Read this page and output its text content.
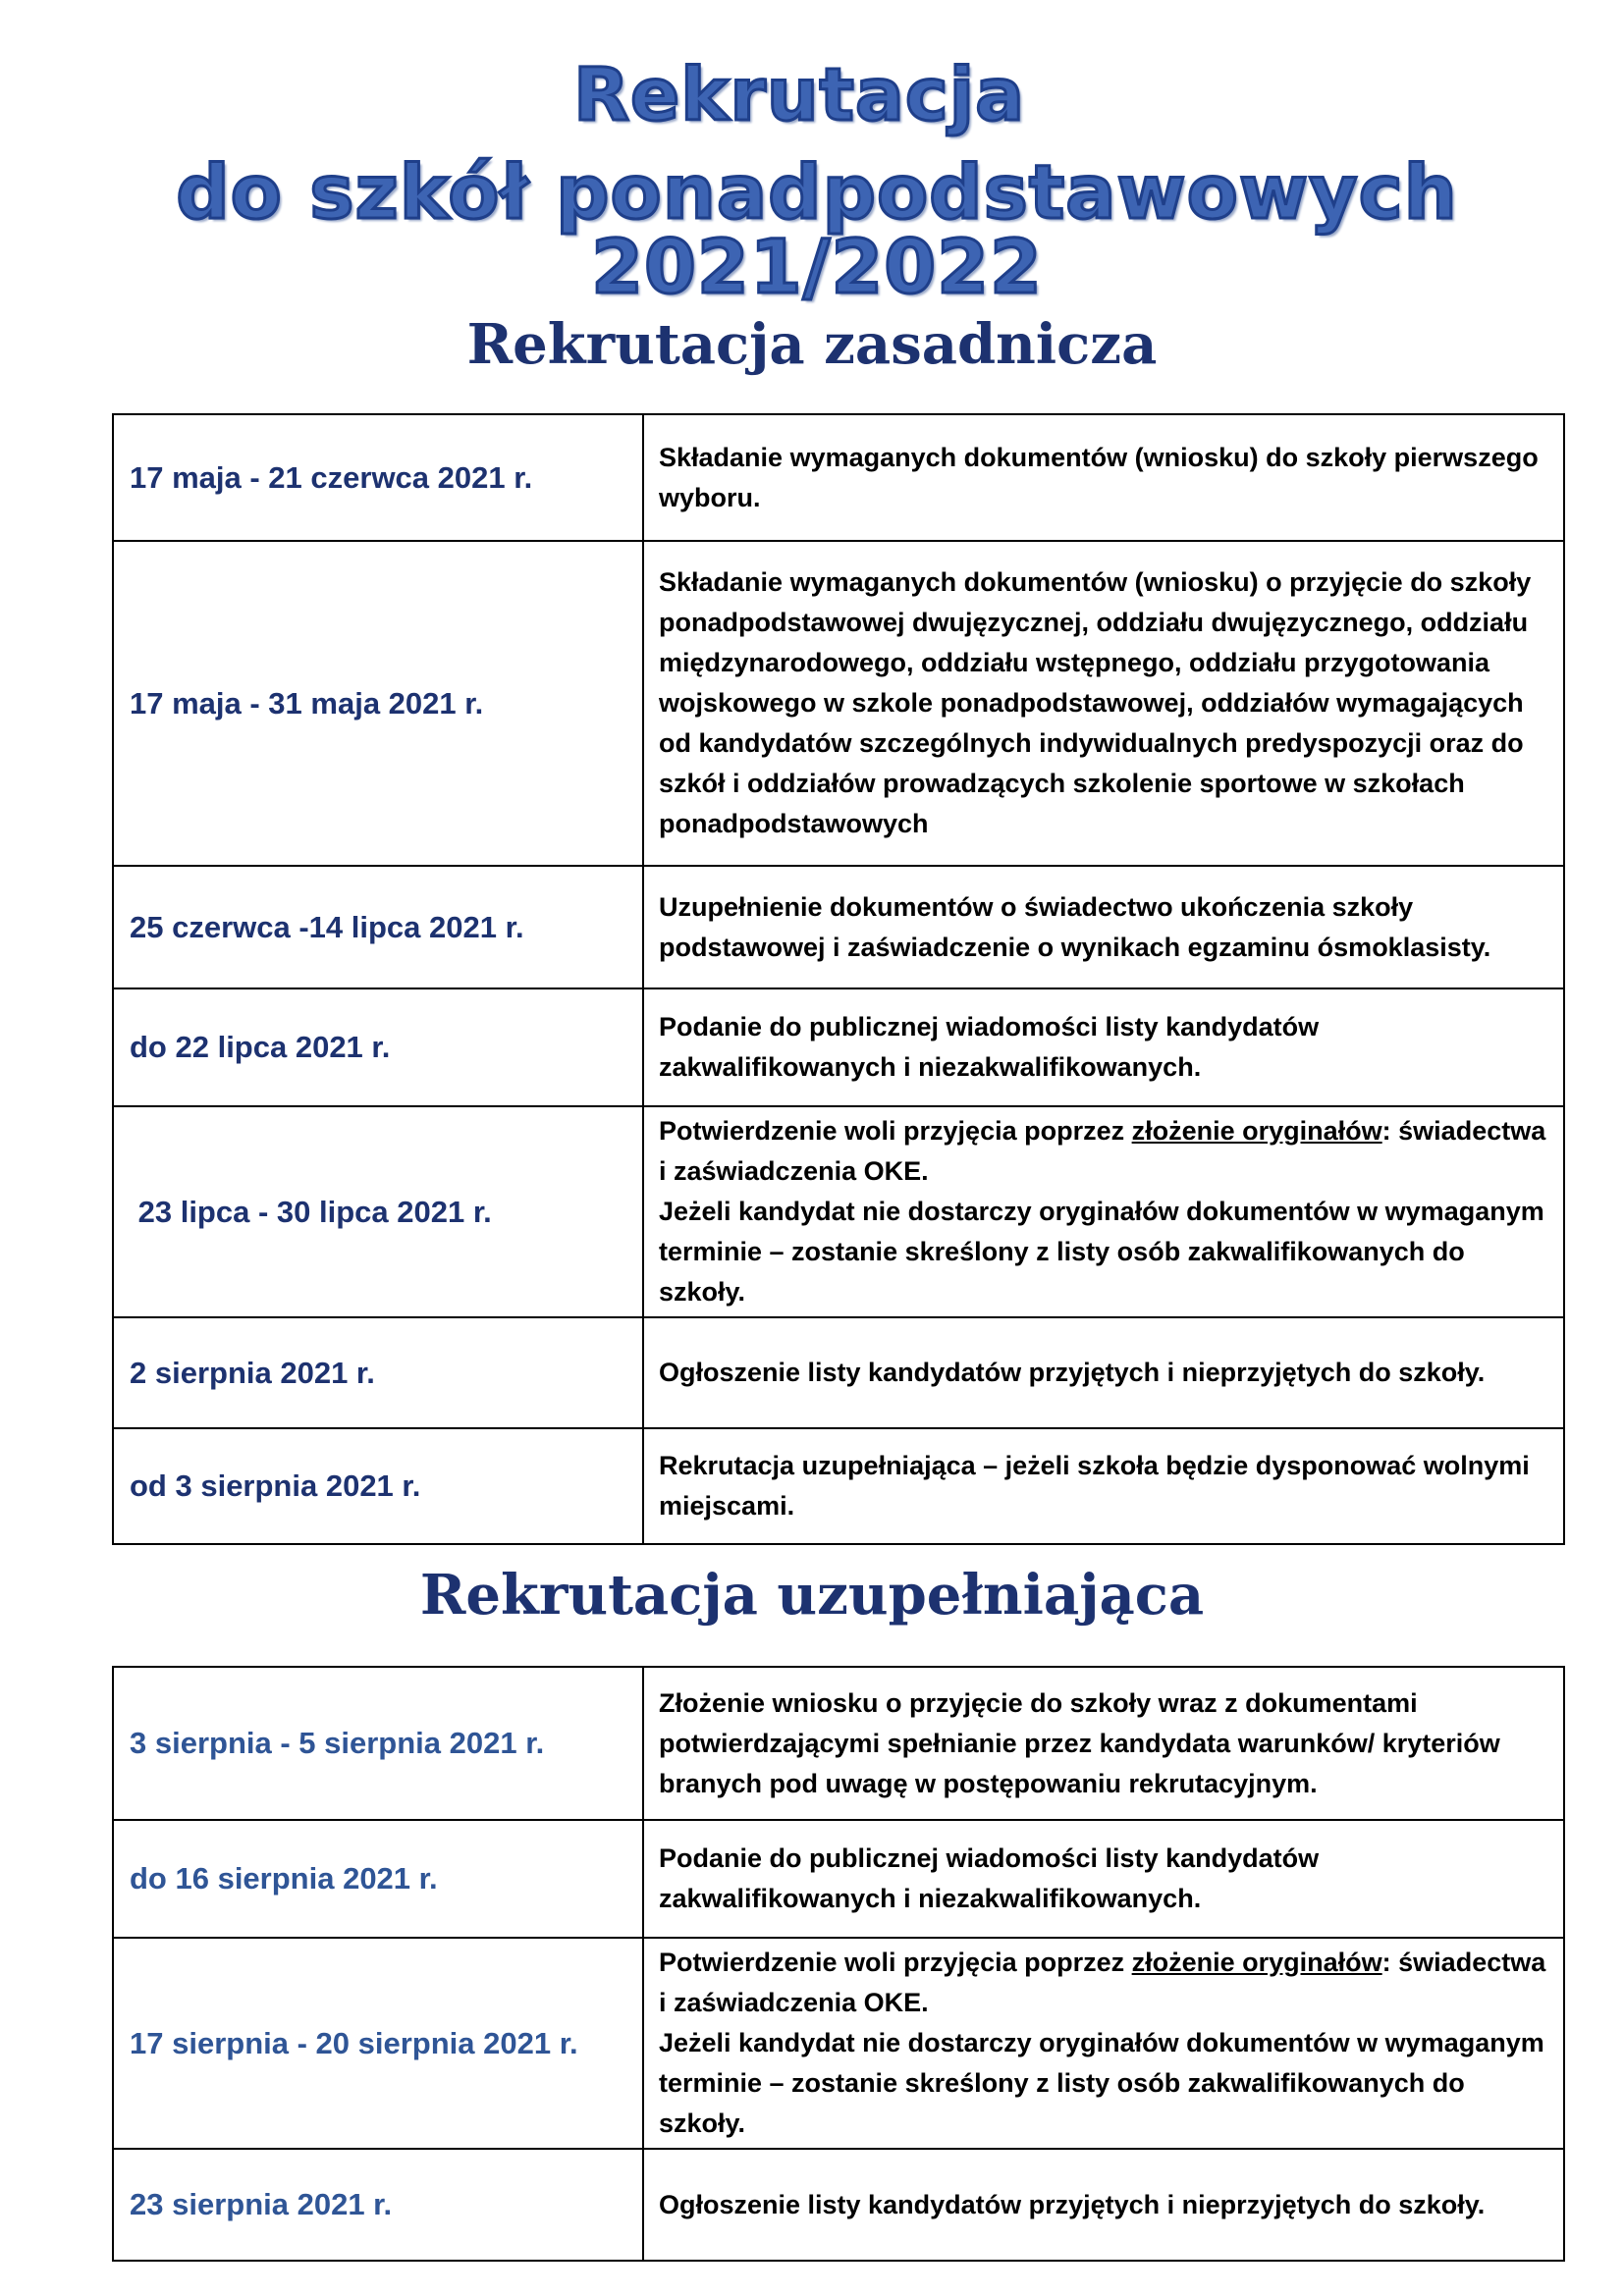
Rekrutacja
do szkół ponadpodstawowych 2021/2022
Rekrutacja zasadnicza
17 maja - 21 czerwca 2021 r.	Składanie wymaganych dokumentów (wniosku) do szkoły pierwszego wyboru.
17 maja - 31 maja 2021 r.	Składanie wymaganych dokumentów (wniosku) o przyjęcie do szkoły ponadpodstawowej dwujęzycznej, oddziału dwujęzycznego, oddziału międzynarodowego, oddziału wstępnego, oddziału przygotowania wojskowego w szkole ponadpodstawowej, oddziałów wymagających od kandydatów szczególnych indywidualnych predyspozycji oraz do szkół i oddziałów prowadzących szkolenie sportowe w szkołach ponadpodstawowych
25 czerwca -14 lipca 2021 r.	Uzupełnienie dokumentów o świadectwo ukończenia szkoły podstawowej i zaświadczenie o wynikach egzaminu ósmoklasisty.
do 22 lipca 2021 r.	Podanie do publicznej wiadomości listy kandydatów zakwalifikowanych i niezakwalifikowanych.
23 lipca - 30 lipca 2021 r.	Potwierdzenie woli przyjęcia poprzez złożenie oryginałów: świadectwa i zaświadczenia OKE.
Jeżeli kandydat nie dostarczy oryginałów dokumentów w wymaganym terminie – zostanie skreślony z listy osób zakwalifikowanych do szkoły.

2 sierpnia 2021 r.	Ogłoszenie listy kandydatów przyjętych i nieprzyjętych do szkoły.
od 3 sierpnia 2021 r.	Rekrutacja uzupełniająca – jeżeli szkoła będzie dysponować wolnymi miejscami.
Rekrutacja uzupełniająca
3 sierpnia - 5 sierpnia 2021 r.	Złożenie wniosku o przyjęcie do szkoły wraz z dokumentami potwierdzającymi spełnianie przez kandydata warunków/ kryteriów branych pod uwagę w postępowaniu rekrutacyjnym.
do 16 sierpnia 2021 r.	Podanie do publicznej wiadomości listy kandydatów zakwalifikowanych i niezakwalifikowanych.
17 sierpnia - 20 sierpnia 2021 r.	Potwierdzenie woli przyjęcia poprzez złożenie oryginałów: świadectwa i zaświadczenia OKE.
Jeżeli kandydat nie dostarczy oryginałów dokumentów w wymaganym terminie – zostanie skreślony z listy osób zakwalifikowanych do szkoły.

23 sierpnia 2021 r.	Ogłoszenie listy kandydatów przyjętych i nieprzyjętych do szkoły.
